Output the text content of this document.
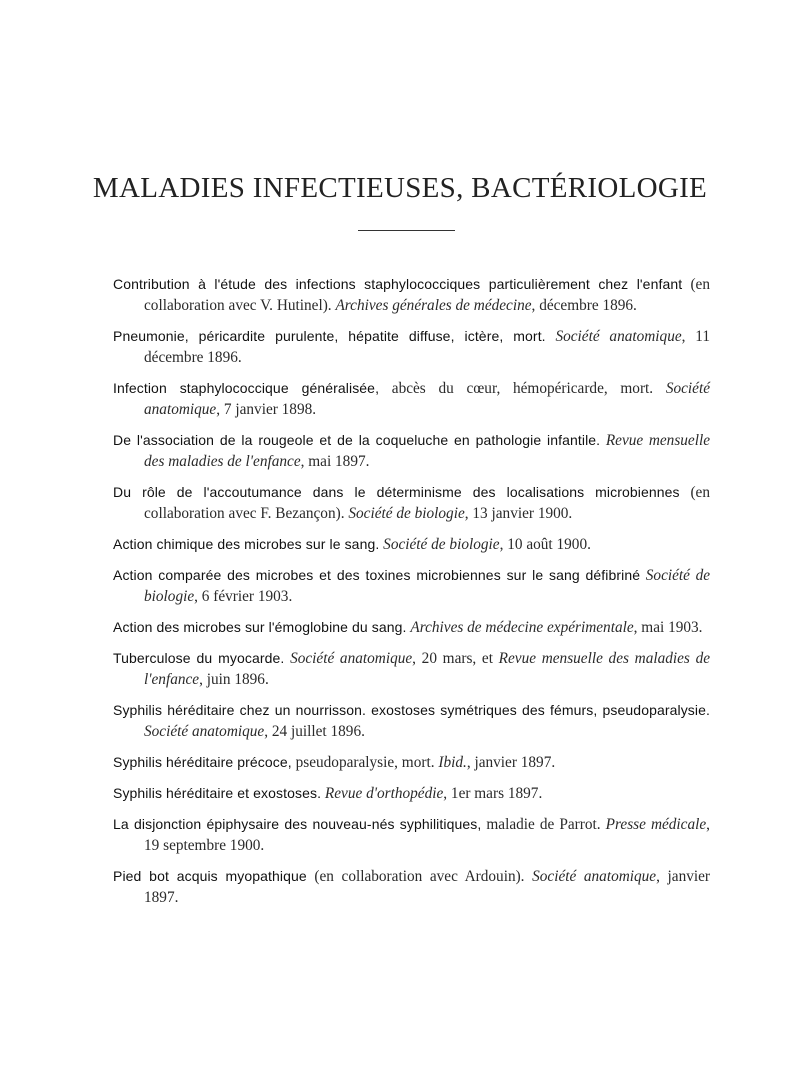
MALADIES INFECTIEUSES, BACTÉRIOLOGIE

Contribution à l'étude des infections staphylococciques particulièrement chez l'enfant (en collaboration avec V. Hutinel). Archives générales de médecine, décembre 1896.

Pneumonie, péricardite purulente, hépatite diffuse, ictère, mort. Société anatomique, 11 décembre 1896.

Infection staphylococcique généralisée, abcès du cœur, hémopéricarde, mort. Société anatomique, 7 janvier 1898.

De l'association de la rougeole et de la coqueluche en pathologie infantile. Revue mensuelle des maladies de l'enfance, mai 1897.

Du rôle de l'accoutumance dans le déterminisme des localisations microbiennes (en collaboration avec F. Bezançon). Société de biologie, 13 janvier 1900.

Action chimique des microbes sur le sang. Société de biologie, 10 août 1900.

Action comparée des microbes et des toxines microbiennes sur le sang défibriné Société de biologie, 6 février 1903.

Action des microbes sur l'émoglobine du sang. Archives de médecine expérimentale, mai 1903.

Tuberculose du myocarde. Société anatomique, 20 mars, et Revue mensuelle des maladies de l'enfance, juin 1896.

Syphilis héréditaire chez un nourrisson. exostoses symétriques des fémurs, pseudoparalysie. Société anatomique, 24 juillet 1896.

Syphilis héréditaire précoce, pseudoparalysie, mort. Ibid., janvier 1897.

Syphilis héréditaire et exostoses. Revue d'orthopédie, 1er mars 1897.

La disjonction épiphysaire des nouveau-nés syphilitiques, maladie de Parrot. Presse médicale, 19 septembre 1900.

Pied bot acquis myopathique (en collaboration avec Ardouin). Société anatomique, janvier 1897.
